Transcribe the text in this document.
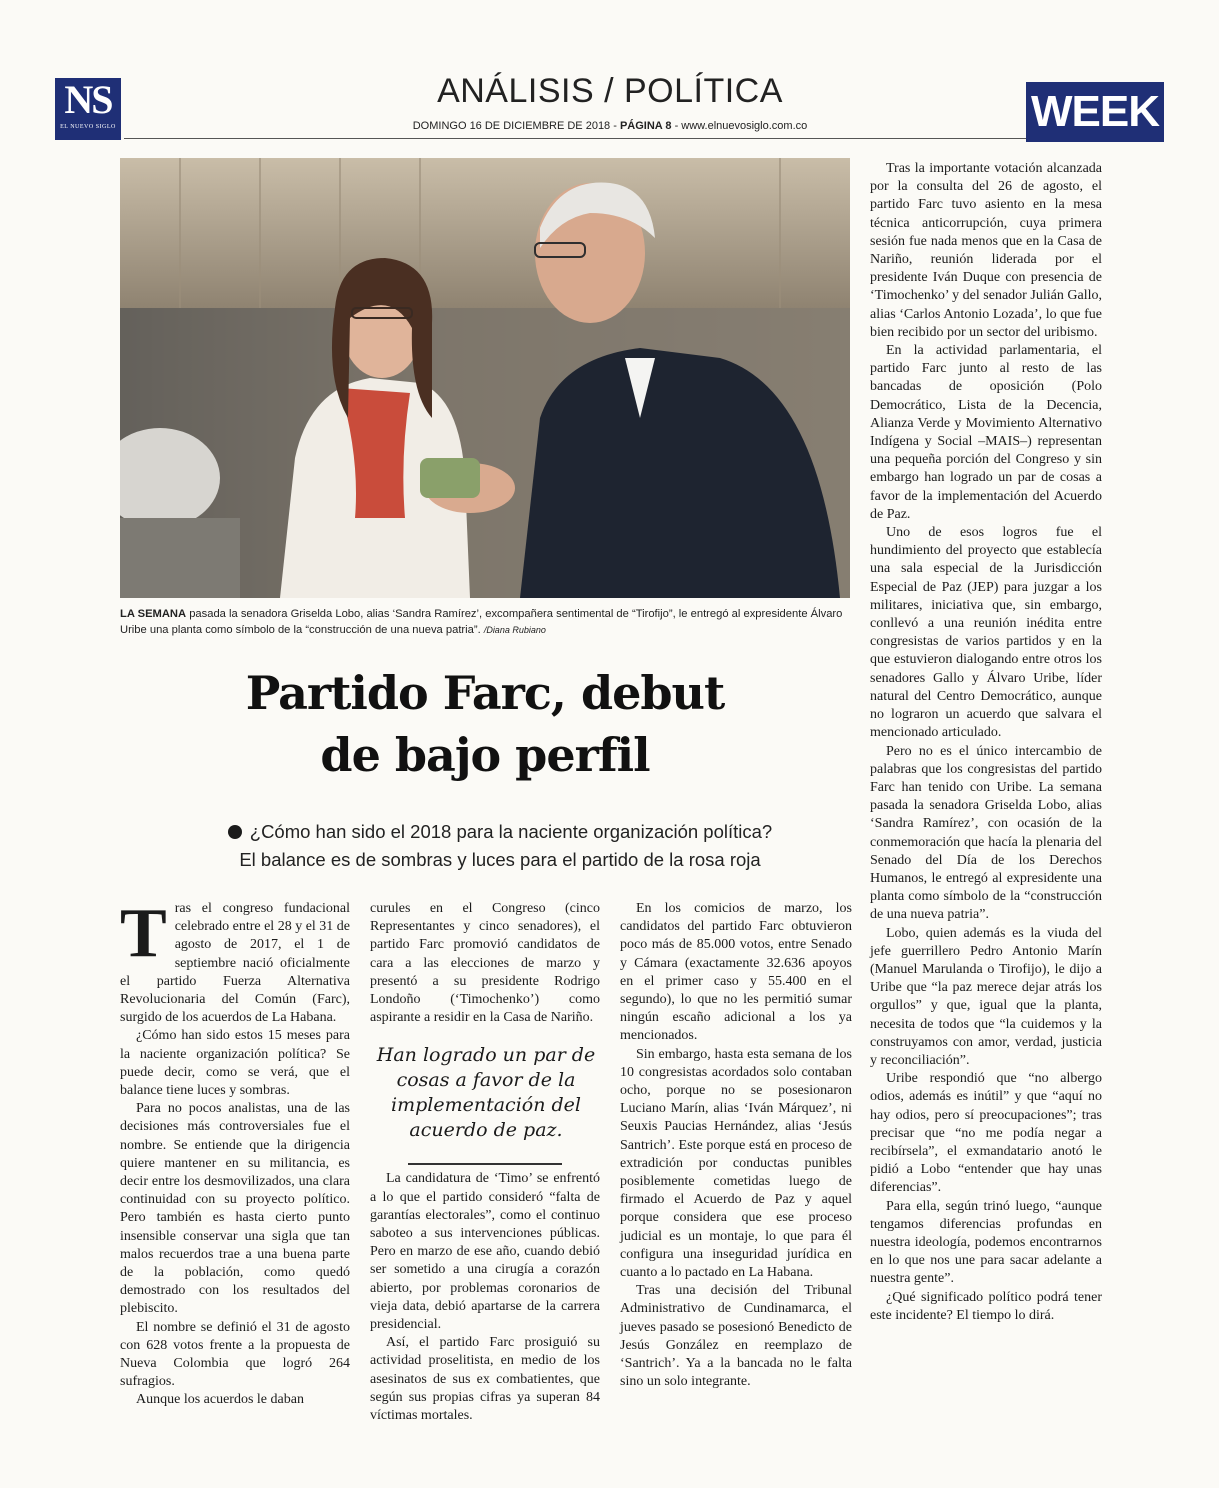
NS
EL NUEVO SIGLO
ANÁLISIS / POLÍTICA
DOMINGO 16 DE DICIEMBRE DE 2018 - PÁGINA 8 - www.elnuevosiglo.com.co	WEEK
LA SEMANA pasada la senadora Griselda Lobo, alias ‘Sandra Ramírez’, excompañera sentimental de “Tirofijo”, le entregó al expresidente Álvaro Uribe una planta como símbolo de la “construcción de una nueva patria”. /Diana Rubiano
Partido Farc, debut
de bajo perfil
¿Cómo han sido el 2018 para la naciente organización política?
El balance es de sombras y luces para el partido de la rosa roja

Tras el congreso fundacional celebrado entre el 28 y el 31 de agosto de 2017, el 1 de septiembre nació oficialmente el partido Fuerza Alternativa Revolucionaria del Común (Farc), surgido de los acuerdos de La Habana.

¿Cómo han sido estos 15 meses para la naciente organización política? Se puede decir, como se verá, que el balance tiene luces y sombras.

Para no pocos analistas, una de las decisiones más controversiales fue el nombre. Se entiende que la dirigencia quiere mantener en su militancia, es decir entre los desmovilizados, una clara continuidad con su proyecto político. Pero también es hasta cierto punto insensible conservar una sigla que tan malos recuerdos trae a una buena parte de la población, como quedó demostrado con los resultados del plebiscito.

El nombre se definió el 31 de agosto con 628 votos frente a la propuesta de Nueva Colombia que logró 264 sufragios.

Aunque los acuerdos le daban

curules en el Congreso (cinco Representantes y cinco senadores), el partido Farc promovió candidatos de cara a las elecciones de marzo y presentó a su presidente Rodrigo Londoño (‘Timochenko’) como aspirante a residir en la Casa de Nariño.

La candidatura de ‘Timo’ se enfrentó a lo que el partido consideró “falta de garantías electorales”, como el continuo saboteo a sus intervenciones públicas. Pero en marzo de ese año, cuando debió ser sometido a una cirugía a corazón abierto, por problemas coronarios de vieja data, debió apartarse de la carrera presidencial.

Así, el partido Farc prosiguió su actividad proselitista, en medio de los asesinatos de sus ex combatientes, que según sus propias cifras ya superan 84 víctimas mortales.

Han logrado un par de cosas a favor de la implementación del acuerdo de paz.

En los comicios de marzo, los candidatos del partido Farc obtuvieron poco más de 85.000 votos, entre Senado y Cámara (exactamente 32.636 apoyos en el primer caso y 55.400 en el segundo), lo que no les permitió sumar ningún escaño adicional a los ya mencionados.

Sin embargo, hasta esta semana de los 10 congresistas acordados solo contaban ocho, porque no se posesionaron Luciano Marín, alias ‘Iván Márquez’, ni Seuxis Paucias Hernández, alias ‘Jesús Santrich’. Este porque está en proceso de extradición por conductas punibles posiblemente cometidas luego de firmado el Acuerdo de Paz y aquel porque considera que ese proceso judicial es un montaje, lo que para él configura una inseguridad jurídica en cuanto a lo pactado en La Habana.

Tras una decisión del Tribunal Administrativo de Cundinamarca, el jueves pasado se posesionó Benedicto de Jesús González en reemplazo de ‘Santrich’. Ya a la bancada no le falta sino un solo integrante.

Tras la importante votación alcanzada por la consulta del 26 de agosto, el partido Farc tuvo asiento en la mesa técnica anticorrupción, cuya primera sesión fue nada menos que en la Casa de Nariño, reunión liderada por el presidente Iván Duque con presencia de ‘Timochenko’ y del senador Julián Gallo, alias ‘Carlos Antonio Lozada’, lo que fue bien recibido por un sector del uribismo.

En la actividad parlamentaria, el partido Farc junto al resto de las bancadas de oposición (Polo Democrático, Lista de la Decencia, Alianza Verde y Movimiento Alternativo Indígena y Social –MAIS–) representan una pequeña porción del Congreso y sin embargo han logrado un par de cosas a favor de la implementación del Acuerdo de Paz.

Uno de esos logros fue el hundimiento del proyecto que establecía una sala especial de la Jurisdicción Especial de Paz (JEP) para juzgar a los militares, iniciativa que, sin embargo, conllevó a una reunión inédita entre congresistas de varios partidos y en la que estuvieron dialogando entre otros los senadores Gallo y Álvaro Uribe, líder natural del Centro Democrático, aunque no lograron un acuerdo que salvara el mencionado articulado.

Pero no es el único intercambio de palabras que los congresistas del partido Farc han tenido con Uribe. La semana pasada la senadora Griselda Lobo, alias ‘Sandra Ramírez’, con ocasión de la conmemoración que hacía la plenaria del Senado del Día de los Derechos Humanos, le entregó al expresidente una planta como símbolo de la “construcción de una nueva patria”.

Lobo, quien además es la viuda del jefe guerrillero Pedro Antonio Marín (Manuel Marulanda o Tirofijo), le dijo a Uribe que “la paz merece dejar atrás los orgullos” y que, igual que la planta, necesita de todos que “la cuidemos y la construyamos con amor, verdad, justicia y reconciliación”.

Uribe respondió que “no albergo odios, además es inútil” y que “aquí no hay odios, pero sí preocupaciones”; tras precisar que “no me podía negar a recibírsela”, el exmandatario anotó le pidió a Lobo “entender que hay unas diferencias”.

Para ella, según trinó luego, “aunque tengamos diferencias profundas en nuestra ideología, podemos encontrarnos en lo que nos une para sacar adelante a nuestra gente”.

¿Qué significado político podrá tener este incidente? El tiempo lo dirá.
